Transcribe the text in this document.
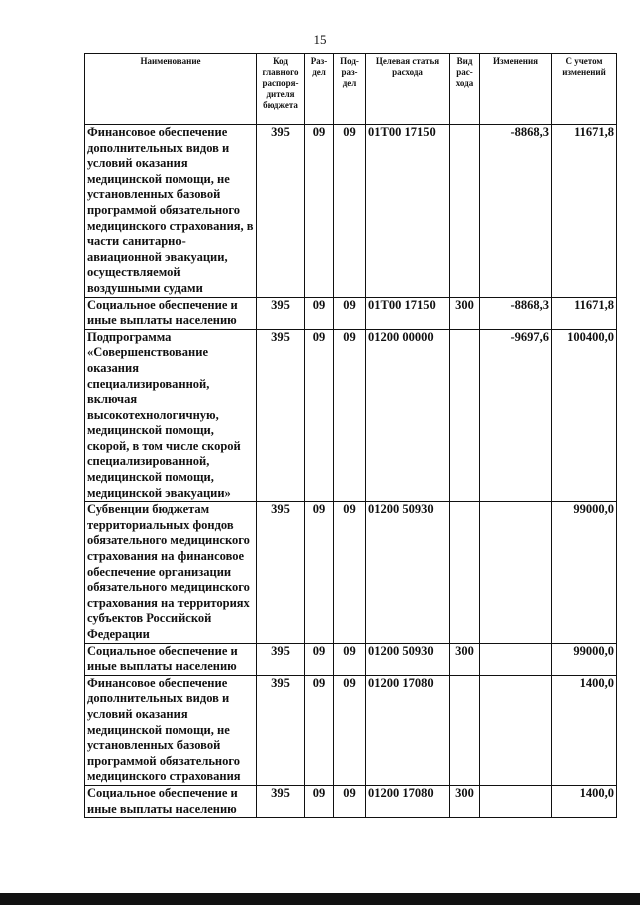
15
Наименование	Код главного распоря-дителя бюджета	Раз-дел	Под-раз-дел	Целевая статья расхода	Вид рас-хода	Изменения	С учетом изменений
Финансовое обеспечение дополнительных видов и условий оказания медицинской помощи, не установленных базовой программой обязательного медицинского страхования, в части санитарно-авиационной эвакуации, осуществляемой воздушными судами	395	09	09	01Т00 17150		-8868,3	11671,8
Социальное обеспечение и иные выплаты населению	395	09	09	01Т00 17150	300	-8868,3	11671,8
Подпрограмма «Совершенствование оказания специализированной, включая высокотехнологичную, медицинской помощи, скорой, в том числе скорой специализированной, медицинской помощи, медицинской эвакуации»	395	09	09	01200 00000		-9697,6	100400,0
Субвенции бюджетам территориальных фондов обязательного медицинского страхования на финансовое обеспечение организации обязательного медицинского страхования на территориях субъектов Российской Федерации	395	09	09	01200 50930			99000,0
Социальное обеспечение и иные выплаты населению	395	09	09	01200 50930	300		99000,0
Финансовое обеспечение дополнительных видов и условий оказания медицинской помощи, не установленных базовой программой обязательного медицинского страхования	395	09	09	01200 17080			1400,0
Социальное обеспечение и иные выплаты населению	395	09	09	01200 17080	300		1400,0
